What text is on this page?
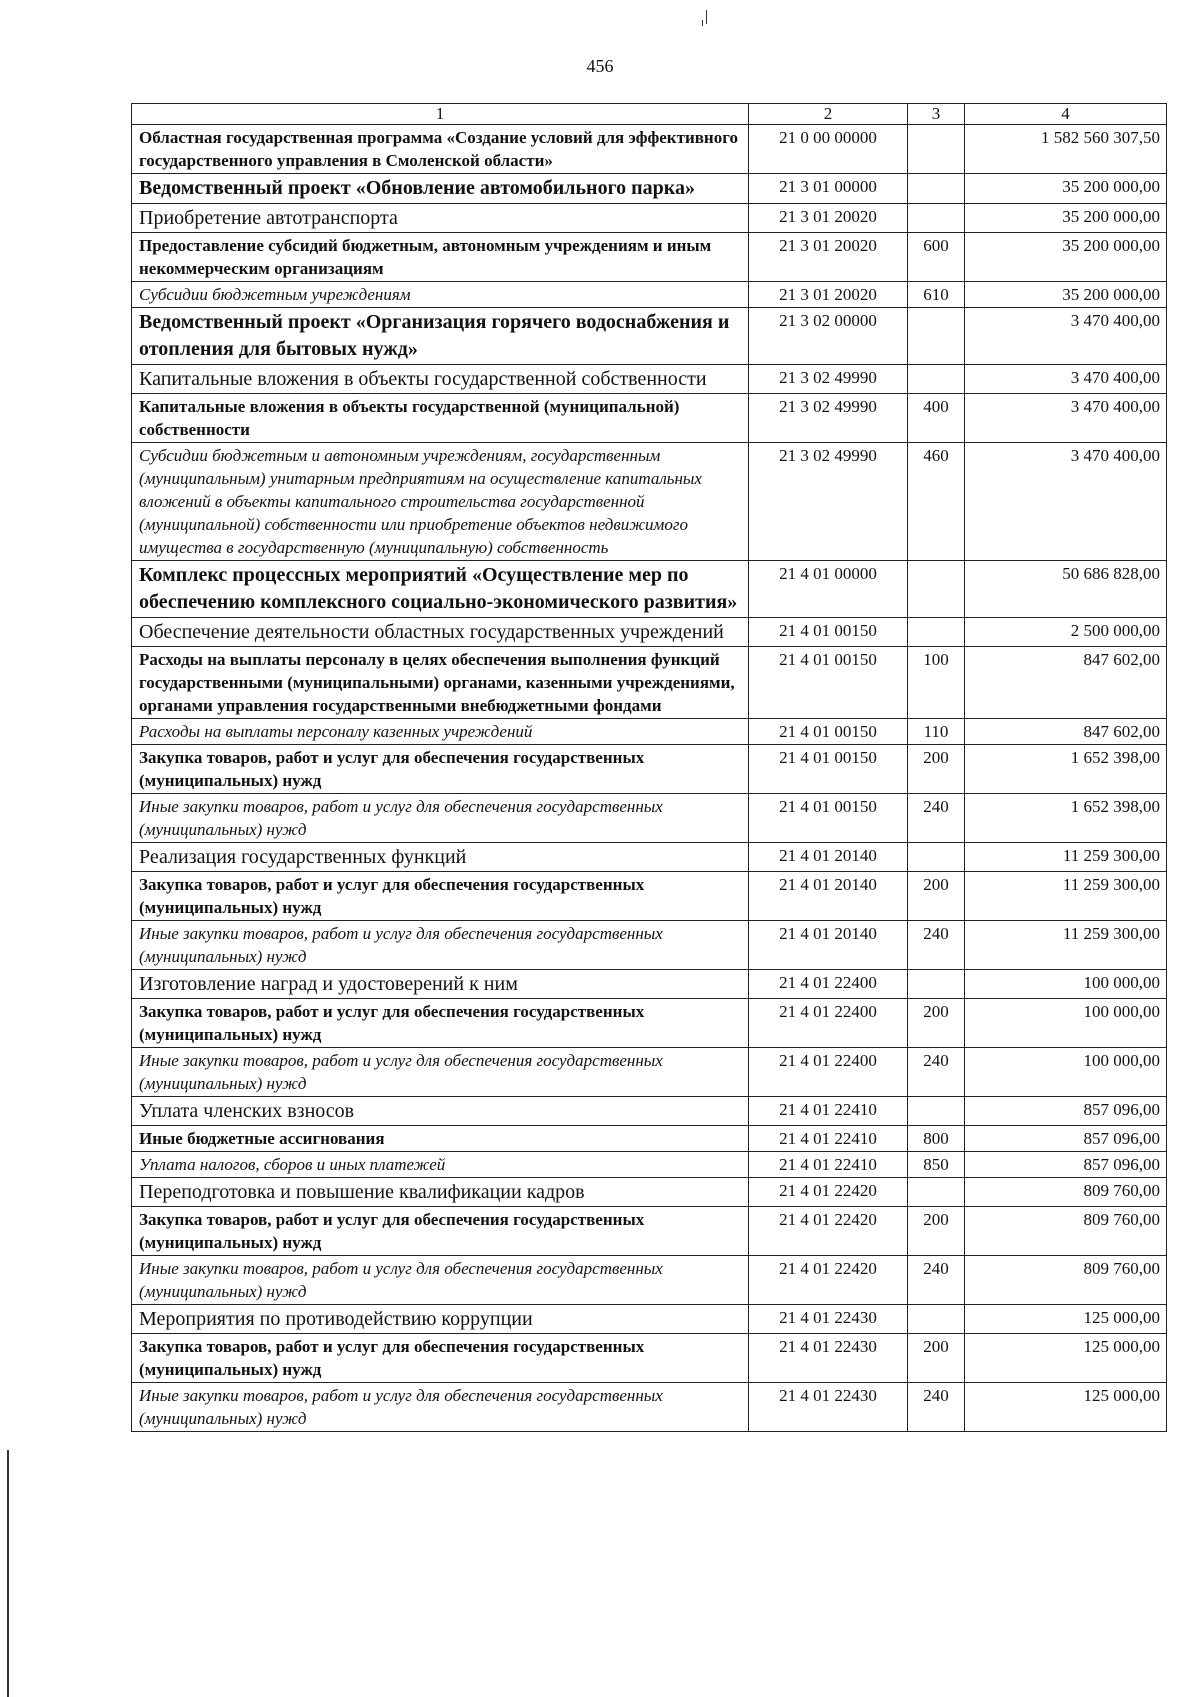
456
1	2	3	4
Областная государственная программа «Создание условий для эффективного государственного управления в Смоленской области»	21 0 00 00000		1 582 560 307,50
Ведомственный проект «Обновление автомобильного парка»	21 3 01 00000		35 200 000,00
Приобретение автотранспорта	21 3 01 20020		35 200 000,00
Предоставление субсидий бюджетным, автономным учреждениям и иным некоммерческим организациям	21 3 01 20020	600	35 200 000,00
Субсидии бюджетным учреждениям	21 3 01 20020	610	35 200 000,00
Ведомственный проект «Организация горячего водоснабжения и отопления для бытовых нужд»	21 3 02 00000		3 470 400,00
Капитальные вложения в объекты государственной собственности	21 3 02 49990		3 470 400,00
Капитальные вложения в объекты государственной (муниципальной) собственности	21 3 02 49990	400	3 470 400,00
Субсидии бюджетным и автономным учреждениям, государственным (муниципальным) унитарным предприятиям на осуществление капитальных вложений в объекты капитального строительства государственной (муниципальной) собственности или приобретение объектов недвижимого имущества в государственную (муниципальную) собственность	21 3 02 49990	460	3 470 400,00
Комплекс процессных мероприятий «Осуществление мер по обеспечению комплексного социально-экономического развития»	21 4 01 00000		50 686 828,00
Обеспечение деятельности областных государственных учреждений	21 4 01 00150		2 500 000,00
Расходы на выплаты персоналу в целях обеспечения выполнения функций государственными (муниципальными) органами, казенными учреждениями, органами управления государственными внебюджетными фондами	21 4 01 00150	100	847 602,00
Расходы на выплаты персоналу казенных учреждений	21 4 01 00150	110	847 602,00
Закупка товаров, работ и услуг для обеспечения государственных (муниципальных) нужд	21 4 01 00150	200	1 652 398,00
Иные закупки товаров, работ и услуг для обеспечения государственных (муниципальных) нужд	21 4 01 00150	240	1 652 398,00
Реализация государственных функций	21 4 01 20140		11 259 300,00
Закупка товаров, работ и услуг для обеспечения государственных (муниципальных) нужд	21 4 01 20140	200	11 259 300,00
Иные закупки товаров, работ и услуг для обеспечения государственных (муниципальных) нужд	21 4 01 20140	240	11 259 300,00
Изготовление наград и удостоверений к ним	21 4 01 22400		100 000,00
Закупка товаров, работ и услуг для обеспечения государственных (муниципальных) нужд	21 4 01 22400	200	100 000,00
Иные закупки товаров, работ и услуг для обеспечения государственных (муниципальных) нужд	21 4 01 22400	240	100 000,00
Уплата членских взносов	21 4 01 22410		857 096,00
Иные бюджетные ассигнования	21 4 01 22410	800	857 096,00
Уплата налогов, сборов и иных платежей	21 4 01 22410	850	857 096,00
Переподготовка и повышение квалификации кадров	21 4 01 22420		809 760,00
Закупка товаров, работ и услуг для обеспечения государственных (муниципальных) нужд	21 4 01 22420	200	809 760,00
Иные закупки товаров, работ и услуг для обеспечения государственных (муниципальных) нужд	21 4 01 22420	240	809 760,00
Мероприятия по противодействию коррупции	21 4 01 22430		125 000,00
Закупка товаров, работ и услуг для обеспечения государственных (муниципальных) нужд	21 4 01 22430	200	125 000,00
Иные закупки товаров, работ и услуг для обеспечения государственных (муниципальных) нужд	21 4 01 22430	240	125 000,00
